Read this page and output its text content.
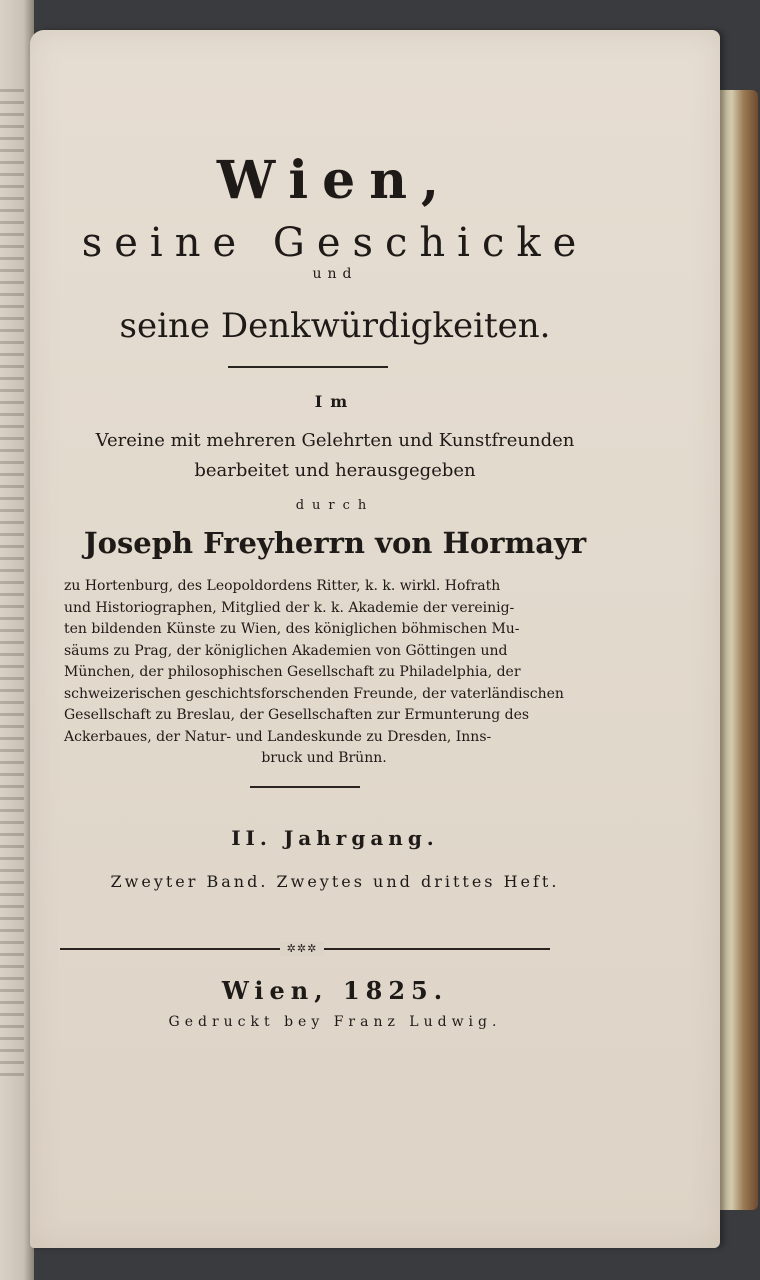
Wien,
seine Geschicke
und
seine Denkwürdigkeiten.
Im
Vereine mit mehreren Gelehrten und Kunstfreunden
bearbeitet und herausgegeben
durch
Joseph Freyherrn von Hormayr
zu Hortenburg, des Leopoldordens Ritter, k. k. wirkl. Hofrath
und Historiographen, Mitglied der k. k. Akademie der vereinig-
ten bildenden Künste zu Wien, des königlichen böhmischen Mu-
säums zu Prag, der königlichen Akademien von Göttingen und
München, der philosophischen Gesellschaft zu Philadelphia, der
schweizerischen geschichtsforschenden Freunde, der vaterländischen
Gesellschaft zu Breslau, der Gesellschaften zur Ermunterung des
Ackerbaues, der Natur- und Landeskunde zu Dresden, Inns-

bruck und Brünn.
II. Jahrgang.
Zweyter Band. Zweytes und drittes Heft.
✲✲✲
Wien, 1825.
Gedruckt bey Franz Ludwig.
